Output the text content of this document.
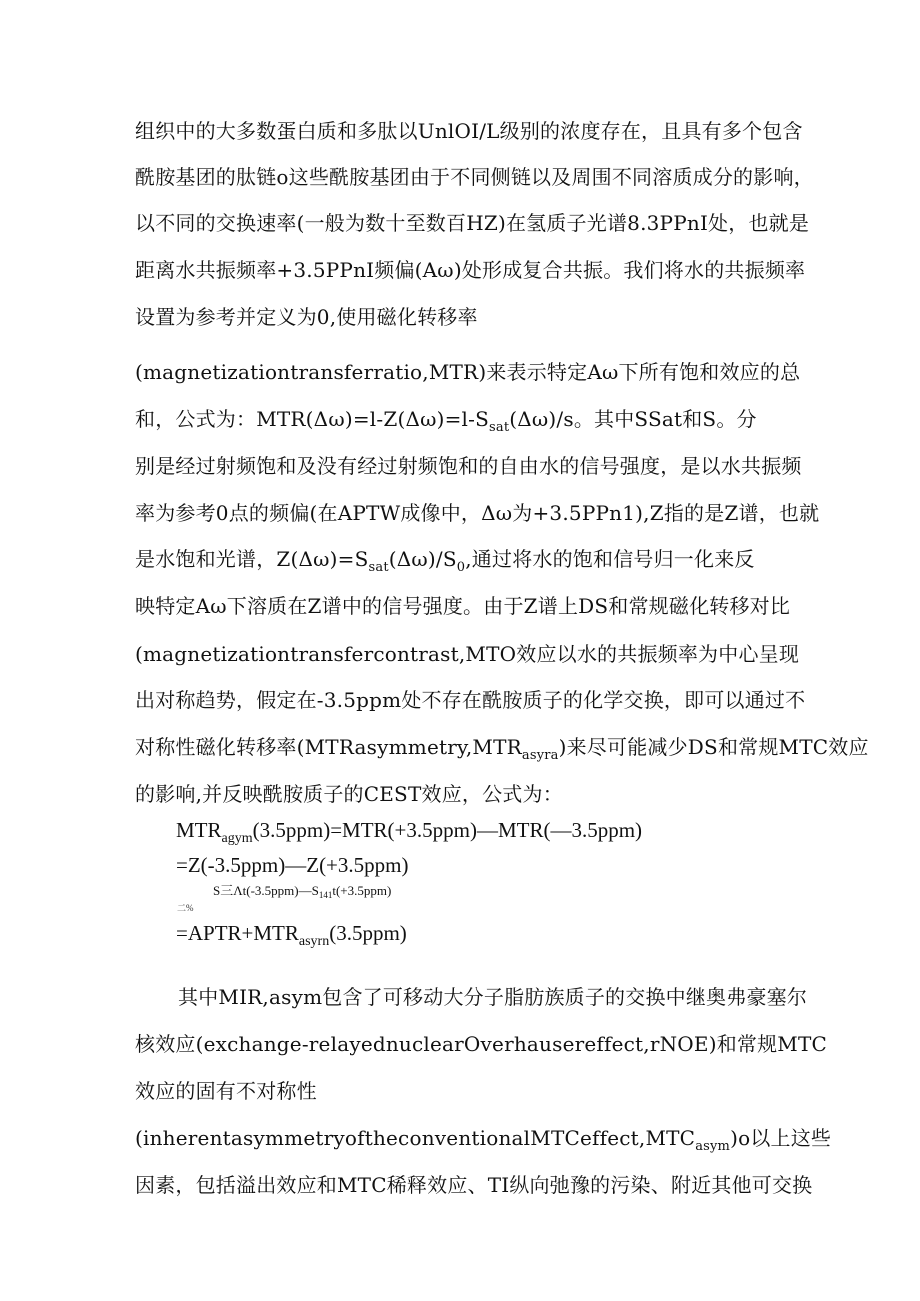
组织中的大多数蛋白质和多肽以UnlOI/L级别的浓度存在，且具有多个包含
酰胺基团的肽链o这些酰胺基团由于不同侧链以及周围不同溶质成分的影响，
以不同的交换速率(一般为数十至数百HZ)在氢质子光谱8.3PPnI处，也就是
距离水共振频率+3.5PPnI频偏(Αω)处形成复合共振。我们将水的共振频率
设置为参考并定义为0,使用磁化转移率
(magnetizationtransferratio,MTR)来表示特定Αω下所有饱和效应的总
和，公式为：$MTR(\Delta\omega)=l-Z(\Delta\omega)=l-S_{sat}(\Delta\omega)/s$。其中SSat和S。分
别是经过射频饱和及没有经过射频饱和的自由水的信号强度，是以水共振频
率为参考0点的频偏(在APTW成像中，Δω为+3.5PPn1),Z指的是Z谱，也就
是水饱和光谱，$Z(\Delta\omega)=S_{sat}(\Delta\omega)/S_0$,通过将水的饱和信号归一化来反
映特定Αω下溶质在Z谱中的信号强度。由于Z谱上DS和常规磁化转移对比
(magnetizationtransfercontrast,MTO效应以水的共振频率为中心呈现
出对称趋势，假定在-3.5ppm处不存在酰胺质子的化学交换，即可以通过不
对称性磁化转移率$(MTRasymmetry,MTR_{asyra})$来尽可能减少DS和常规MTC效应
的影响,并反映酰胺质子的CEST效应，公式为：
$MTR_{agym}(3.5ppm)=MTR(+3.5ppm)—MTR(—3.5ppm)$
=Z(-3.5ppm)—Z(+3.5ppm)
S三$\Lambda t(-3.5ppm)—S_{141}t(+3.5ppm)$
二%
$=APTR+MTR_{asyrn}(3.5ppm)$
其中MIR,asym包含了可移动大分子脂肪族质子的交换中继奥弗豪塞尔
核效应(exchange-relayednuclearOverhausereffect,rNOE)和常规MTC
效应的固有不对称性
$(inherentasymmetryoftheconventionalMTCeffect,MTC_{asym})o$以上这些
因素，包括溢出效应和MTC稀释效应、TI纵向弛豫的污染、附近其他可交换
